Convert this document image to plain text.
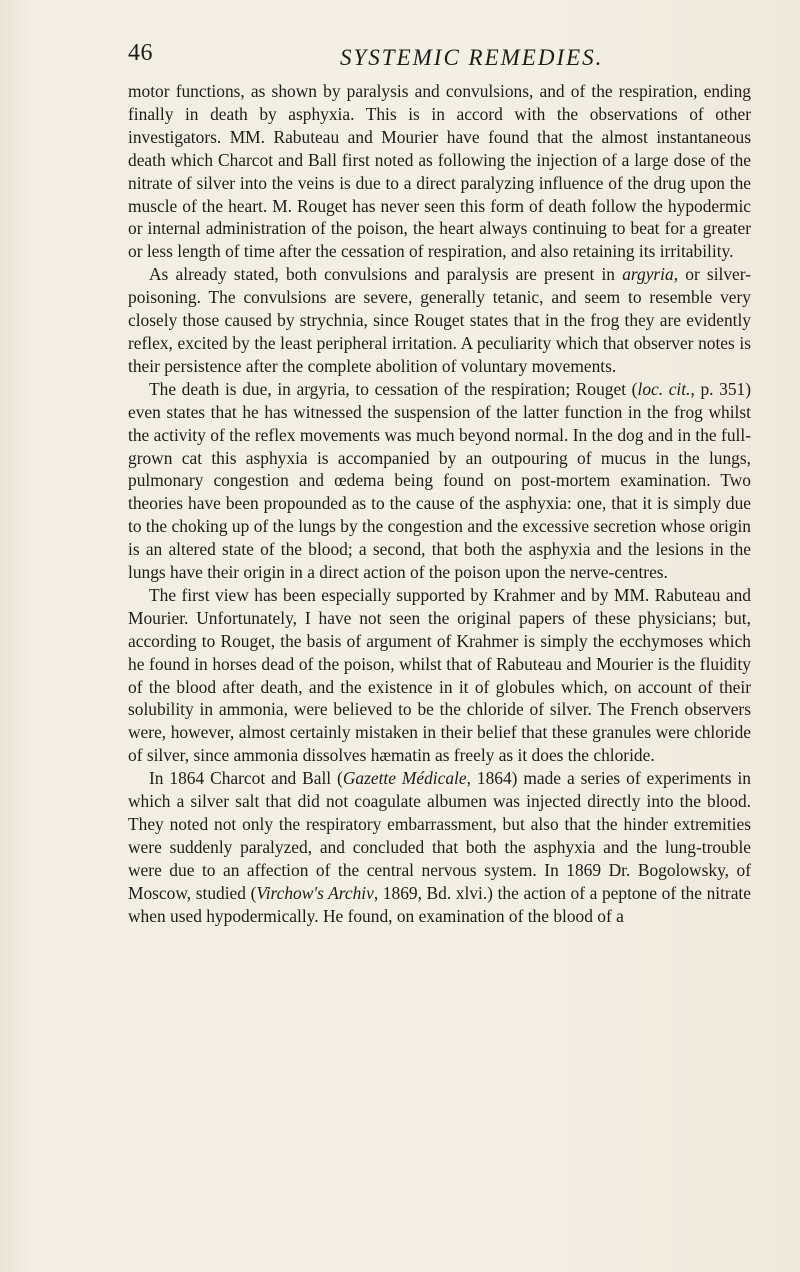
46	SYSTEMIC REMEDIES.

motor functions, as shown by paralysis and convulsions, and of the respiration, ending finally in death by asphyxia. This is in accord with the observations of other investigators. MM. Rabuteau and Mourier have found that the almost instantaneous death which Charcot and Ball first noted as following the injection of a large dose of the nitrate of silver into the veins is due to a direct paralyzing influence of the drug upon the muscle of the heart. M. Rouget has never seen this form of death follow the hypodermic or internal administration of the poison, the heart always continuing to beat for a greater or less length of time after the cessation of respiration, and also retaining its irritability.

As already stated, both convulsions and paralysis are present in argyria, or silver-poisoning. The convulsions are severe, generally tetanic, and seem to resemble very closely those caused by strychnia, since Rouget states that in the frog they are evidently reflex, excited by the least peripheral irritation. A peculiarity which that observer notes is their persistence after the complete abolition of voluntary movements.

The death is due, in argyria, to cessation of the respiration; Rouget (loc. cit., p. 351) even states that he has witnessed the suspension of the latter function in the frog whilst the activity of the reflex movements was much beyond normal. In the dog and in the full-grown cat this asphyxia is accompanied by an outpouring of mucus in the lungs, pulmonary congestion and œdema being found on post-mortem examination. Two theories have been propounded as to the cause of the asphyxia: one, that it is simply due to the choking up of the lungs by the congestion and the excessive secretion whose origin is an altered state of the blood; a second, that both the asphyxia and the lesions in the lungs have their origin in a direct action of the poison upon the nerve-centres.

The first view has been especially supported by Krahmer and by MM. Rabuteau and Mourier. Unfortunately, I have not seen the original papers of these physicians; but, according to Rouget, the basis of argument of Krahmer is simply the ecchymoses which he found in horses dead of the poison, whilst that of Rabuteau and Mourier is the fluidity of the blood after death, and the existence in it of globules which, on account of their solubility in ammonia, were believed to be the chloride of silver. The French observers were, however, almost certainly mistaken in their belief that these granules were chloride of silver, since ammonia dissolves hæmatin as freely as it does the chloride.

In 1864 Charcot and Ball (Gazette Médicale, 1864) made a series of experiments in which a silver salt that did not coagulate albumen was injected directly into the blood. They noted not only the respiratory embarrassment, but also that the hinder extremities were suddenly paralyzed, and concluded that both the asphyxia and the lung-trouble were due to an affection of the central nervous system. In 1869 Dr. Bogolowsky, of Moscow, studied (Virchow's Archiv, 1869, Bd. xlvi.) the action of a peptone of the nitrate when used hypodermically. He found, on examination of the blood of a
